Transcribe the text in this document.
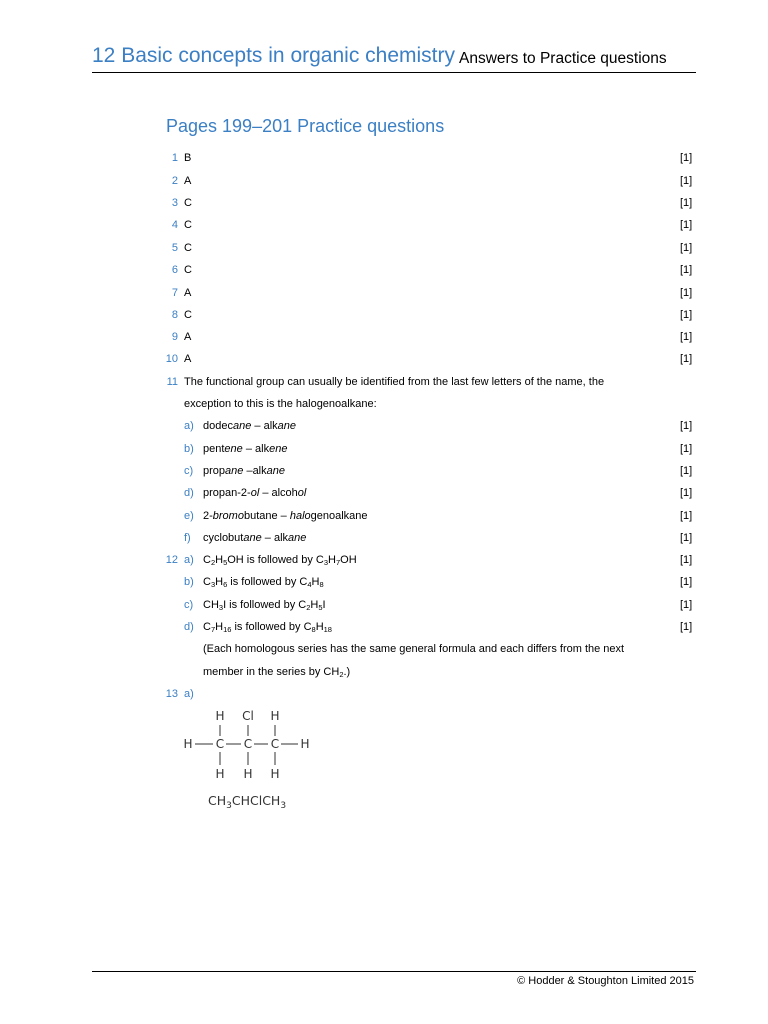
12 Basic concepts in organic chemistry Answers to Practice questions
Pages 199–201 Practice questions
1 B	[1]
2 A	[1]
3 C	[1]
4 C	[1]
5 C	[1]
6 C	[1]
7 A	[1]
8 C	[1]
9 A	[1]
10 A	[1]
11 The functional group can usually be identified from the last few letters of the name, the
exception to this is the halogenoalkane:
a) dodecane – alkane	[1]
b) pentene – alkene	[1]
c) propane –alkane	[1]
d) propan-2-ol – alcohol	[1]
e) 2-bromobutane – halogenoalkane	[1]
f) cyclobutane – alkane	[1]
12 a) $C_2H_5OH$ is followed by $C_3H_7OH$	[1]
b) $C_3H_6$ is followed by $C_4H_8$	[1]
c) $CH_3I$ is followed by $C_2H_5I$	[1]
d) $C_7H_{16}$ is followed by $C_8H_{18}$	[1]
(Each homologous series has the same general formula and each differs from the next
member in the series by $CH_2$.)
13 a)
H Cl H
H C C C H
H H H
$CH_3CHClCH_3$
© Hodder & Stoughton Limited 2015
